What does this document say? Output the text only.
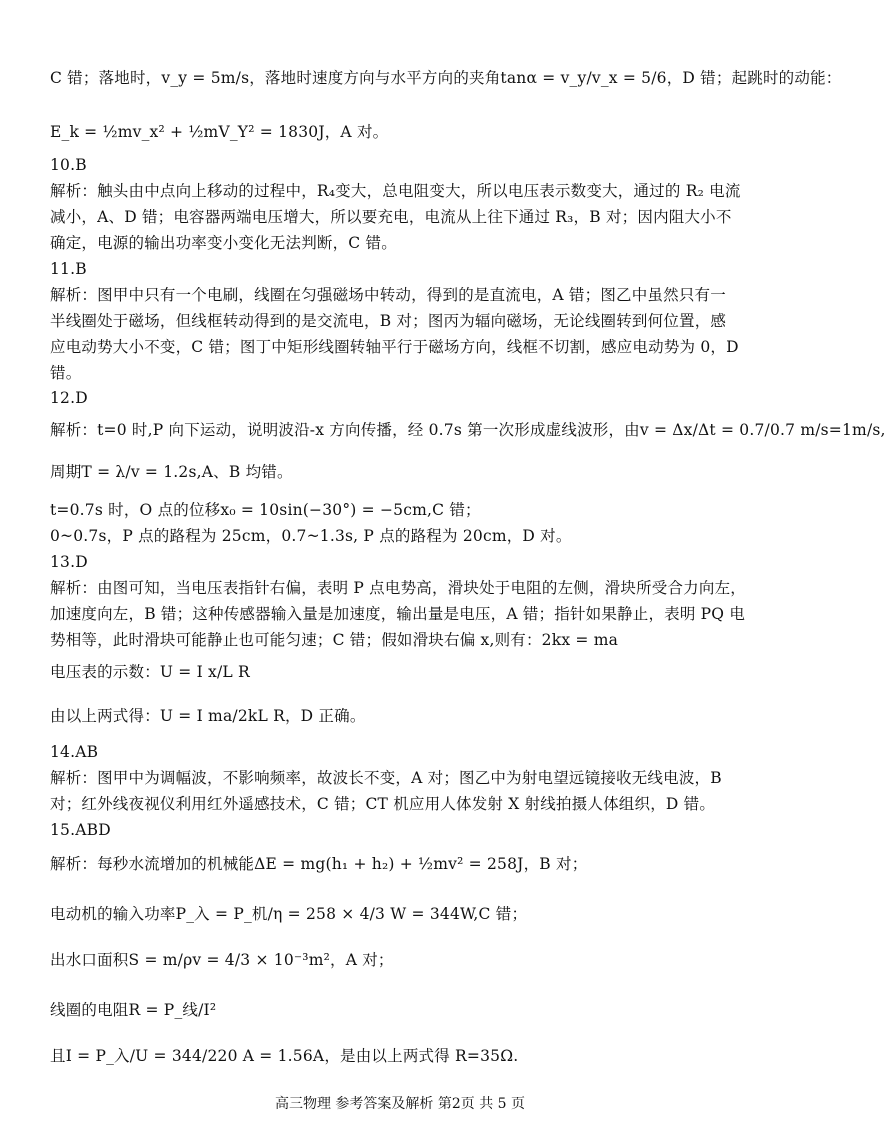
C 错；落地时，v_y = 5m/s，落地时速度方向与水平方向的夹角tanα = v_y/v_x = 5/6，D 错；起跳时的动能：
E_k = ½mv_x² + ½mV_Y² = 1830J，A 对。
10.B
解析：触头由中点向上移动的过程中，R₄变大，总电阻变大，所以电压表示数变大，通过的 R₂ 电流
减小，A、D 错；电容器两端电压增大，所以要充电，电流从上往下通过 R₃，B 对；因内阻大小不
确定，电源的输出功率变小变化无法判断，C 错。
11.B
解析：图甲中只有一个电刷，线圈在匀强磁场中转动，得到的是直流电，A 错；图乙中虽然只有一
半线圈处于磁场，但线框转动得到的是交流电，B 对；图丙为辐向磁场，无论线圈转到何位置，感
应电动势大小不变，C 错；图丁中矩形线圈转轴平行于磁场方向，线框不切割，感应电动势为 0，D
错。
12.D
解析：t=0 时,P 向下运动，说明波沿-x 方向传播，经 0.7s 第一次形成虚线波形，由v = Δx/Δt = 0.7/0.7 m/s=1m/s,
周期T = λ/v = 1.2s,A、B 均错。
t=0.7s 时，O 点的位移x₀ = 10sin(−30°) = −5cm,C 错；
0~0.7s，P 点的路程为 25cm，0.7~1.3s, P 点的路程为 20cm，D 对。
13.D
解析：由图可知，当电压表指针右偏，表明 P 点电势高，滑块处于电阻的左侧，滑块所受合力向左，
加速度向左，B 错；这种传感器输入量是加速度，输出量是电压，A 错；指针如果静止，表明 PQ 电
势相等，此时滑块可能静止也可能匀速；C 错；假如滑块右偏 x,则有：2kx = ma
电压表的示数：U = I x/L R
由以上两式得：U = I ma/2kL R，D 正确。
14.AB
解析：图甲中为调幅波，不影响频率，故波长不变，A 对；图乙中为射电望远镜接收无线电波，B
对；红外线夜视仪利用红外遥感技术，C 错；CT 机应用人体发射 X 射线拍摄人体组织，D 错。
15.ABD
解析：每秒水流增加的机械能ΔE = mg(h₁ + h₂) + ½mv² = 258J，B 对；
电动机的输入功率P_入 = P_机/η = 258 × 4/3 W = 344W,C 错；
出水口面积S = m/ρv = 4/3 × 10⁻³m²，A 对；
线圈的电阻R = P_线/I²
且I = P_入/U = 344/220 A = 1.56A，是由以上两式得 R=35Ω.
高三物理 参考答案及解析 第2页 共 5 页
